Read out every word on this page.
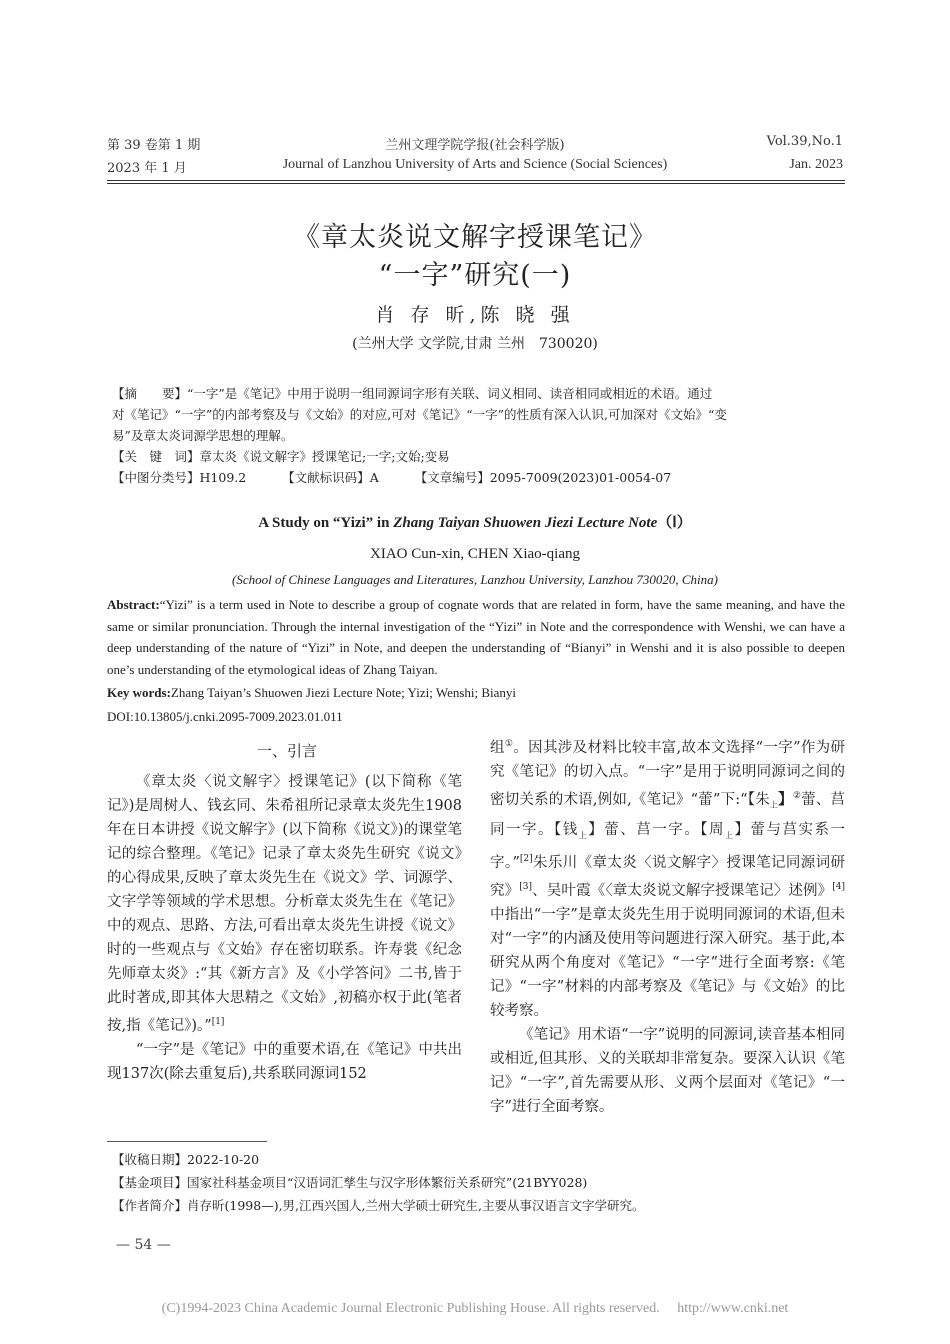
第 39 卷第 1 期	兰州文理学院学报(社会科学版)	Vol.39,No.1
2023 年 1 月	Journal of Lanzhou University of Arts and Science (Social Sciences)	Jan. 2023
《章太炎说文解字授课笔记》
“一字”研究(一)
肖 存 昕,陈 晓 强
(兰州大学 文学院,甘肃 兰州　730020)
【摘　　要】“一字”是《笔记》中用于说明一组同源词字形有关联、词义相同、读音相同或相近的术语。通过
对《笔记》“一字”的内部考察及与《文始》的对应,可对《笔记》“一字”的性质有深入认识,可加深对《文始》“变
易”及章太炎词源学思想的理解。
【关　键　词】章太炎《说文解字》授课笔记;一字;文始;变易
【中图分类号】H109.2	【文献标识码】A	【文章编号】2095-7009(2023)01-0054-07
A Study on “Yizi” in Zhang Taiyan Shuowen Jiezi Lecture Note（Ⅰ）
XIAO Cun-xin, CHEN Xiao-qiang
(School of Chinese Languages and Literatures, Lanzhou University, Lanzhou 730020, China)
Abstract:“Yizi” is a term used in Note to describe a group of cognate words that are related in form, have the same meaning, and have the same or similar pronunciation. Through the internal investigation of the “Yizi” in Note and the correspondence with Wenshi, we can have a deep understanding of the nature of “Yizi” in Note, and deepen the understanding of “Bianyi” in Wenshi and it is also possible to deepen one’s understanding of the etymological ideas of Zhang Taiyan.
Key words:Zhang Taiyan’s Shuowen Jiezi Lecture Note; Yizi; Wenshi; Bianyi
DOI:10.13805/j.cnki.2095-7009.2023.01.011
一、引言

《章太炎〈说文解字〉授课笔记》(以下简称《笔记》)是周树人、钱玄同、朱希祖所记录章太炎先生1908年在日本讲授《说文解字》(以下简称《说文》)的课堂笔记的综合整理。《笔记》记录了章太炎先生研究《说文》的心得成果,反映了章太炎先生在《说文》学、词源学、文字学等领域的学术思想。分析章太炎先生在《笔记》中的观点、思路、方法,可看出章太炎先生讲授《说文》时的一些观点与《文始》存在密切联系。许寿裳《纪念先师章太炎》:“其《新方言》及《小学答问》二书,皆于此时著成,即其体大思精之《文始》,初稿亦权于此(笔者按,指《笔记》)。”[1]

“一字”是《笔记》中的重要术语,在《笔记》中共出现137次(除去重复后),共系联同源词152

组①。因其涉及材料比较丰富,故本文选择“一字”作为研究《笔记》的切入点。“一字”是用于说明同源词之间的密切关系的术语,例如,《笔记》“蕾”下:“【朱$_上$】②蕾、莒同一字。【钱$_上$】蕾、莒一字。【周$_上$】蕾与莒实系一字。”[2]朱乐川《章太炎〈说文解字〉授课笔记同源词研究》[3]、吴叶霞《〈章太炎说文解字授课笔记〉述例》[4]中指出“一字”是章太炎先生用于说明同源词的术语,但未对“一字”的内涵及使用等问题进行深入研究。基于此,本研究从两个角度对《笔记》“一字”进行全面考察:《笔记》“一字”材料的内部考察及《笔记》与《文始》的比较考察。

《笔记》用术语“一字”说明的同源词,读音基本相同或相近,但其形、义的关联却非常复杂。要深入认识《笔记》“一字”,首先需要从形、义两个层面对《笔记》“一字”进行全面考察。

【收稿日期】2022-10-20
【基金项目】国家社科基金项目“汉语词汇孳生与汉字形体繁衍关系研究”(21BYY028)
【作者简介】肖存昕(1998—),男,江西兴国人,兰州大学硕士研究生,主要从事汉语言文字学研究。
— 54 —
(C)1994-2023 China Academic Journal Electronic Publishing House. All rights reserved.　 http://www.cnki.net
